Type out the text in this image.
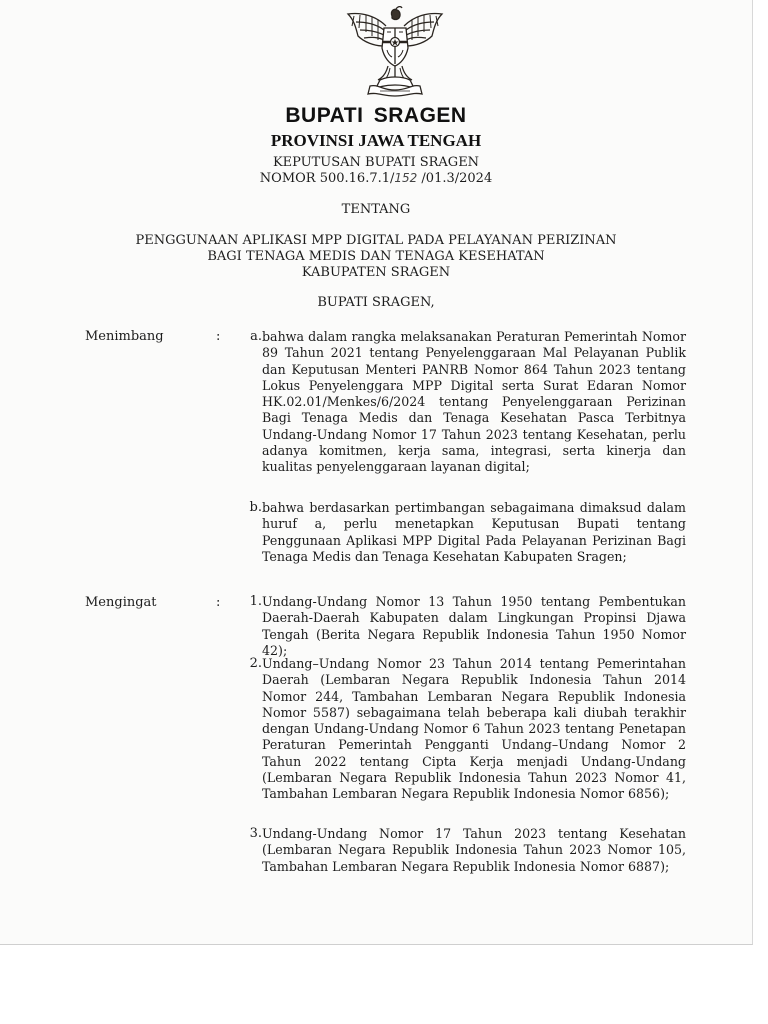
BUPATI SRAGEN
PROVINSI JAWA TENGAH
KEPUTUSAN BUPATI SRAGEN
NOMOR 500.16.7.1/152 /01.3/2024
TENTANG
PENGGUNAAN APLIKASI MPP DIGITAL PADA PELAYANAN PERIZINAN
BAGI TENAGA MEDIS DAN TENAGA KESEHATAN
KABUPATEN SRAGEN
BUPATI SRAGEN,
Menimbang	:	a. bahwa dalam rangka melaksanakan Peraturan Pemerintah Nomor 89 Tahun 2021 tentang Penyelenggaraan Mal Pelayanan Publik dan Keputusan Menteri PANRB Nomor 864 Tahun 2023 tentang Lokus Penyelenggara MPP Digital serta Surat Edaran Nomor HK.02.01/Menkes/6/2024 tentang Penyelenggaraan Perizinan Bagi Tenaga Medis dan Tenaga Kesehatan Pasca Terbitnya Undang-Undang Nomor 17 Tahun 2023 tentang Kesehatan, perlu adanya komitmen, kerja sama, integrasi, serta kinerja dan kualitas penyelenggaraan layanan digital;
b. bahwa berdasarkan pertimbangan sebagaimana dimaksud dalam huruf a, perlu menetapkan Keputusan Bupati tentang Penggunaan Aplikasi MPP Digital Pada Pelayanan Perizinan Bagi Tenaga Medis dan Tenaga Kesehatan Kabupaten Sragen;
Mengingat	:	1. Undang-Undang Nomor 13 Tahun 1950 tentang Pembentukan Daerah-Daerah Kabupaten dalam Lingkungan Propinsi Djawa Tengah (Berita Negara Republik Indonesia Tahun 1950 Nomor 42);
2. Undang–Undang Nomor 23 Tahun 2014 tentang Pemerintahan Daerah (Lembaran Negara Republik Indonesia Tahun 2014 Nomor 244, Tambahan Lembaran Negara Republik Indonesia Nomor 5587) sebagaimana telah beberapa kali diubah terakhir dengan Undang-Undang Nomor 6 Tahun 2023 tentang Penetapan Peraturan Pemerintah Pengganti Undang–Undang Nomor 2 Tahun 2022 tentang Cipta Kerja menjadi Undang-Undang (Lembaran Negara Republik Indonesia Tahun 2023 Nomor 41, Tambahan Lembaran Negara Republik Indonesia Nomor 6856);
3. Undang-Undang Nomor 17 Tahun 2023 tentang Kesehatan (Lembaran Negara Republik Indonesia Tahun 2023 Nomor 105, Tambahan Lembaran Negara Republik Indonesia Nomor 6887);
